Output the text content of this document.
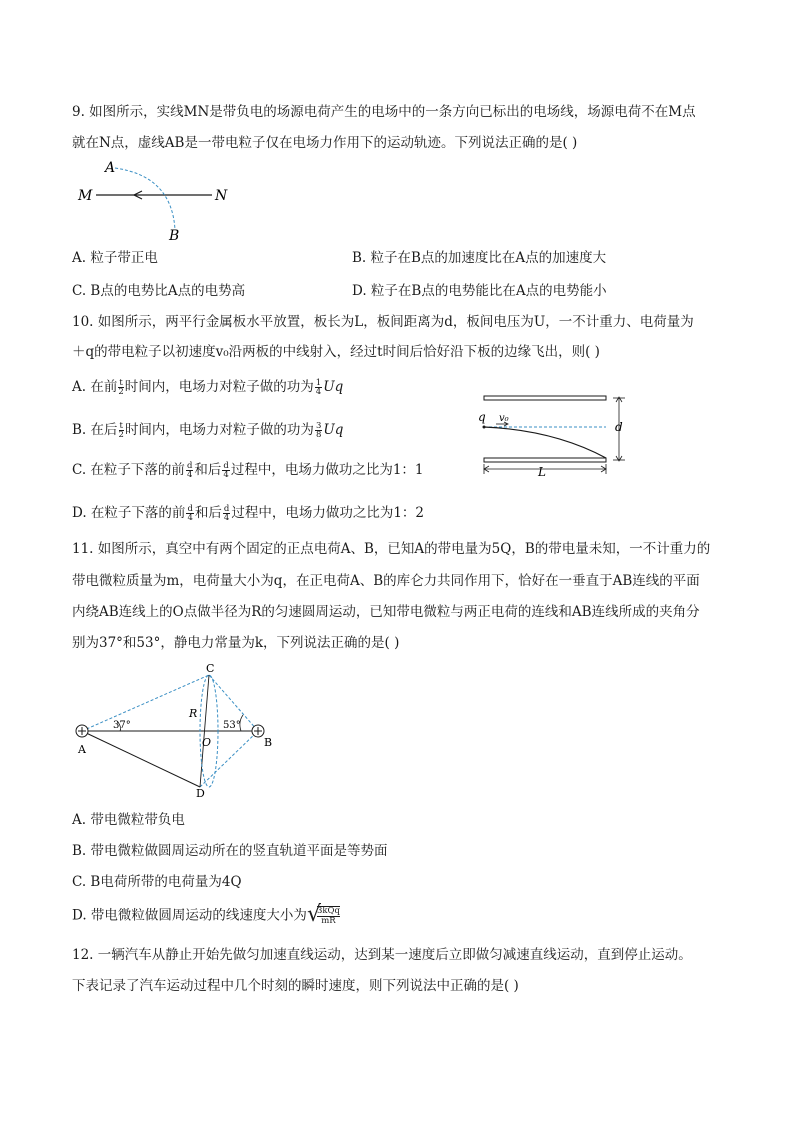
9. 如图所示，实线MN是带负电的场源电荷产生的电场中的一条方向已标出的电场线，场源电荷不在M点
就在N点，虚线AB是一带电粒子仅在电场力作用下的运动轨迹。下列说法正确的是( )
M	N
A
B
A. 粒子带正电	B. 粒子在B点的加速度比在A点的加速度大
C. B点的电势比A点的电势高	D. 粒子在B点的电势能比在A点的电势能小
10. 如图所示，两平行金属板水平放置，板长为L，板间距离为d，板间电压为U，一不计重力、电荷量为
＋q的带电粒子以初速度v₀沿两板的中线射入，经过t时间后恰好沿下板的边缘飞出，则( )
A. 在前 $\frac{t}{2}$ 时间内，电场力对粒子做的功为 $\frac{1}{4}$ Uq
B. 在后 $\frac{t}{2}$ 时间内，电场力对粒子做的功为 $\frac{3}{8}$ Uq
C. 在粒子下落的前 $\frac{d}{4}$ 和后 $\frac{d}{4}$ 过程中，电场力做功之比为1：1
D. 在粒子下落的前 $\frac{d}{4}$ 和后 $\frac{d}{4}$ 过程中，电场力做功之比为1：2
q v₀
d
L
11. 如图所示，真空中有两个固定的正点电荷A、B，已知A的带电量为5Q，B的带电量未知，一不计重力的
带电微粒质量为m，电荷量大小为q，在正电荷A、B的库仑力共同作用下，恰好在一垂直于AB连线的平面
内绕AB连线上的O点做半径为R的匀速圆周运动，已知带电微粒与两正电荷的连线和AB连线所成的夹角分
别为37°和53°，静电力常量为k，下列说法正确的是( )
C
D
A
B
O
R
37°	53°
A. 带电微粒带负电
B. 带电微粒做圆周运动所在的竖直轨道平面是等势面
C. B电荷所带的电荷量为4Q
D. 带电微粒做圆周运动的线速度大小为 √
3kQq
mR
12. 一辆汽车从静止开始先做匀加速直线运动，达到某一速度后立即做匀减速直线运动，直到停止运动。
下表记录了汽车运动过程中几个时刻的瞬时速度，则下列说法中正确的是( )
